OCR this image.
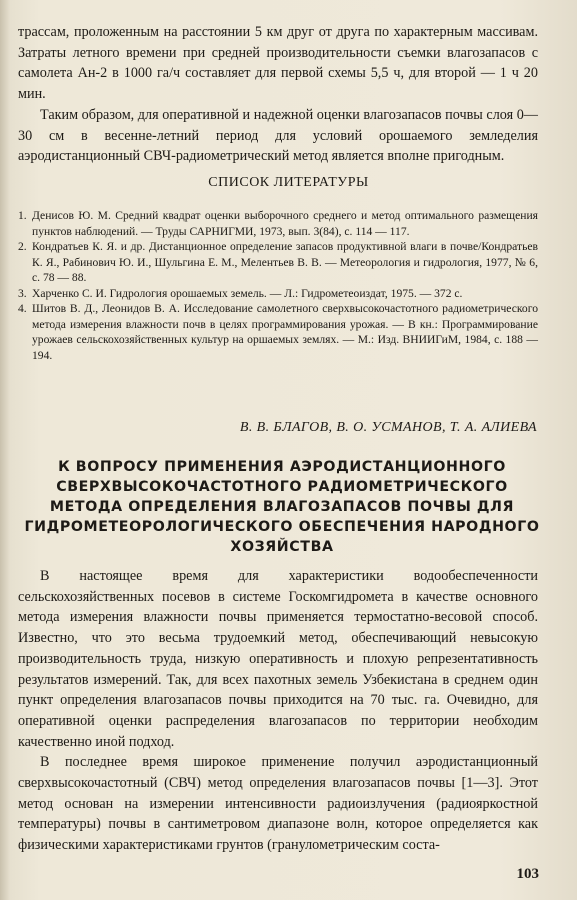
трассам, проложенным на расстоянии 5 км друг от друга по характерным массивам. Затраты летного времени при средней производительности съемки влагозапасов с самолета Ан-2 в 1000 га/ч составляет для первой схемы 5,5 ч, для второй — 1 ч 20 мин.

Таким образом, для оперативной и надежной оценки влагозапасов почвы слоя 0—30 см в весенне-летний период для условий орошаемого земледелия аэродистанционный СВЧ-радиометрический метод является вполне пригодным.

СПИСОК ЛИТЕРАТУРЫ
1. Денисов Ю. М. Средний квадрат оценки выборочного среднего и метод оптимального размещения пунктов наблюдений. — Труды САРНИГМИ, 1973, вып. 3(84), с. 114 — 117.
2. Кондратьев К. Я. и др. Дистанционное определение запасов продуктивной влаги в почве/Кондратьев К. Я., Рабинович Ю. И., Шульгина Е. М., Мелентьев В. В. — Метеорология и гидрология, 1977, № 6, с. 78 — 88.
3. Харченко С. И. Гидрология орошаемых земель. — Л.: Гидрометеоиздат, 1975. — 372 с.
4. Шитов В. Д., Леонидов В. А. Исследование самолетного сверхвысокочастотного радиометрического метода измерения влажности почв в целях программирования урожая. — В кн.: Программирование урожаев сельскохозяйственных культур на оршаемых землях. — М.: Изд. ВНИИГиМ, 1984, с. 188 — 194.
В. В. БЛАГОВ, В. О. УСМАНОВ, Т. А. АЛИЕВА
К ВОПРОСУ ПРИМЕНЕНИЯ АЭРОДИСТАНЦИОННОГО СВЕРХВЫСОКОЧАСТОТНОГО РАДИОМЕТРИЧЕСКОГО МЕТОДА ОПРЕДЕЛЕНИЯ ВЛАГОЗАПАСОВ ПОЧВЫ ДЛЯ ГИДРОМЕТЕОРОЛОГИЧЕСКОГО ОБЕСПЕЧЕНИЯ НАРОДНОГО ХОЗЯЙСТВА

В настоящее время для характеристики водообеспеченности сельскохозяйственных посевов в системе Госкомгидромета в качестве основного метода измерения влажности почвы применяется термостатно-весовой способ. Известно, что это весьма трудоемкий метод, обеспечивающий невысокую производительность труда, низкую оперативность и плохую репрезентативность результатов измерений. Так, для всех пахотных земель Узбекистана в среднем один пункт определения влагозапасов почвы приходится на 70 тыс. га. Очевидно, для оперативной оценки распределения влагозапасов по территории необходим качественно иной подход.

В последнее время широкое применение получил аэродистанционный сверхвысокочастотный (СВЧ) метод определения влагозапасов почвы [1—3]. Этот метод основан на измерении интенсивности радиоизлучения (радиояркостной температуры) почвы в сантиметровом диапазоне волн, которое определяется как физическими характеристиками грунтов (гранулометрическим соста-

103
